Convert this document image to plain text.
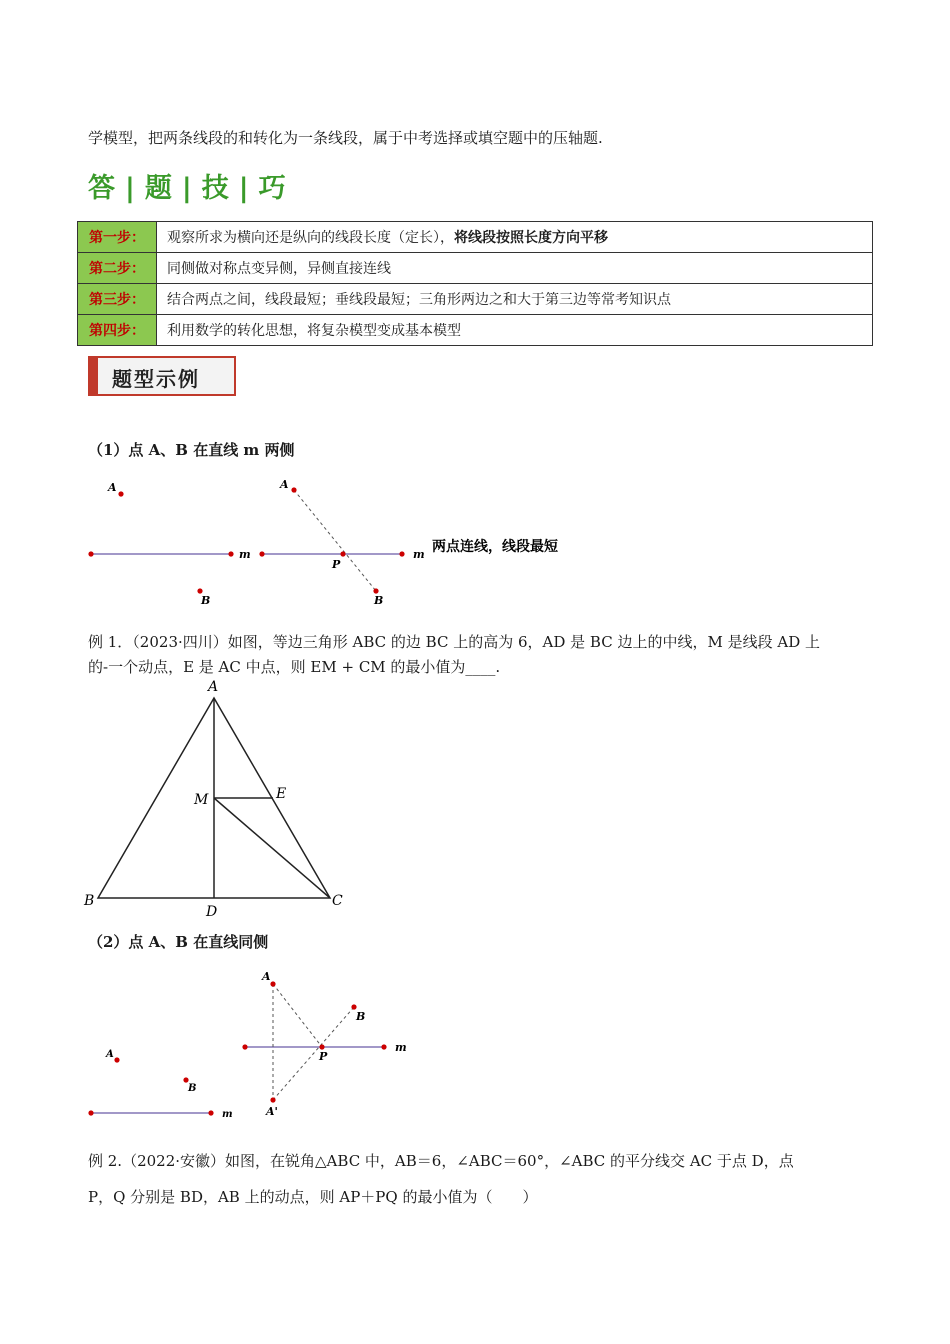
学模型，把两条线段的和转化为一条线段，属于中考选择或填空题中的压轴题.
答 | 题 | 技 | 巧
第一步：	观察所求为横向还是纵向的线段长度（定长），将线段按照长度方向平移
第二步：	同侧做对称点变异侧，异侧直接连线
第三步：	结合两点之间，线段最短；垂线段最短；三角形两边之和大于第三边等常考知识点
第四步：	利用数学的转化思想，将复杂模型变成基本模型
题型示例
（1）点 A、B 在直线 m 两侧
A
B
m
A
B
P
m 两点连线，线段最短
例 1．（2023·四川）如图，等边三角形 ABC 的边 BC 上的高为 6，AD 是 BC 边上的中线，M 是线段 AD 上
的-一个动点，E 是 AC 中点，则 EM + CM 的最小值为____.
A
B	C
D
E
M
（2）点 A、B 在直线同侧
A
B
m
A
B
P
m
A'
例 2.（2022·安徽）如图，在锐角△ABC 中，AB＝6，∠ABC＝60°，∠ABC 的平分线交 AC 于点 D，点
P，Q 分别是 BD，AB 上的动点，则 AP＋PQ 的最小值为（　　）
